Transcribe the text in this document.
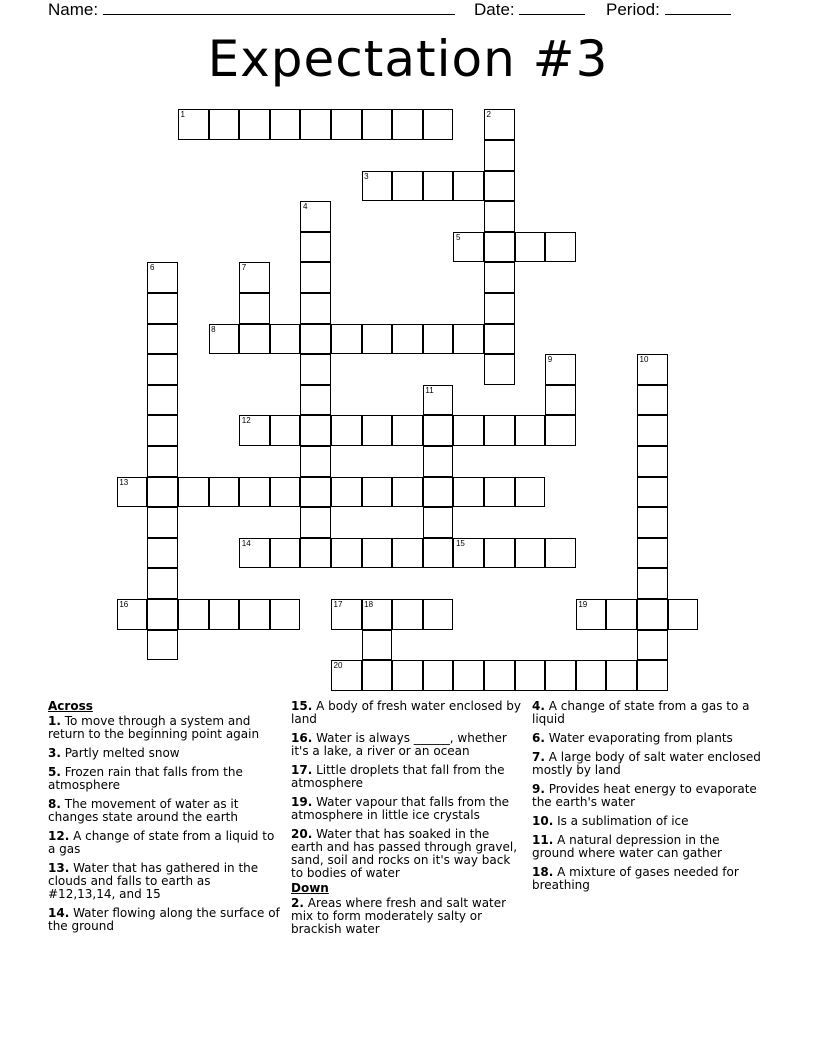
Name:	Date:	Period:
Expectation #3
1	2
3
4
5
6	7
8
9	10
11
12
13
14	15
16	17	18	19
20
Across
1. To move through a system and return to the beginning point again
3. Partly melted snow
5. Frozen rain that falls from the atmosphere
8. The movement of water as it changes state around the earth
12. A change of state from a liquid to a gas
13. Water that has gathered in the clouds and falls to earth as #12,13,14, and 15
14. Water flowing along the surface of the ground
15. A body of fresh water enclosed by land
16. Water is always ______, whether it's a lake, a river or an ocean
17. Little droplets that fall from the atmosphere
19. Water vapour that falls from the atmosphere in little ice crystals
20. Water that has soaked in the earth and has passed through gravel, sand, soil and rocks on it's way back to bodies of water
Down
2. Areas where fresh and salt water mix to form moderately salty or brackish water
4. A change of state from a gas to a liquid
6. Water evaporating from plants
7. A large body of salt water enclosed mostly by land
9. Provides heat energy to evaporate the earth's water
10. Is a sublimation of ice
11. A natural depression in the ground where water can gather
18. A mixture of gases needed for breathing
